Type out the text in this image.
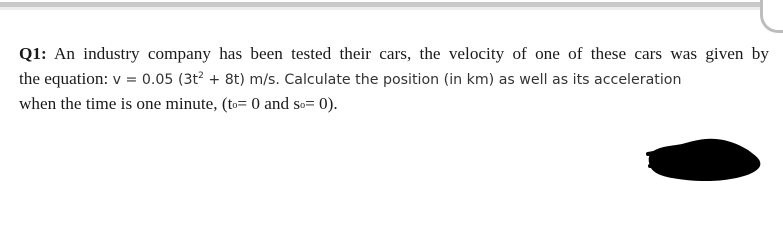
Q1: An industry company has been tested their cars, the velocity of one of these cars was given by
the equation: v = 0.05 $(3t^2 + 8t)$ m/s. Calculate the position (in km) as well as its acceleration
when the time is one minute, (to= 0 and so= 0).
